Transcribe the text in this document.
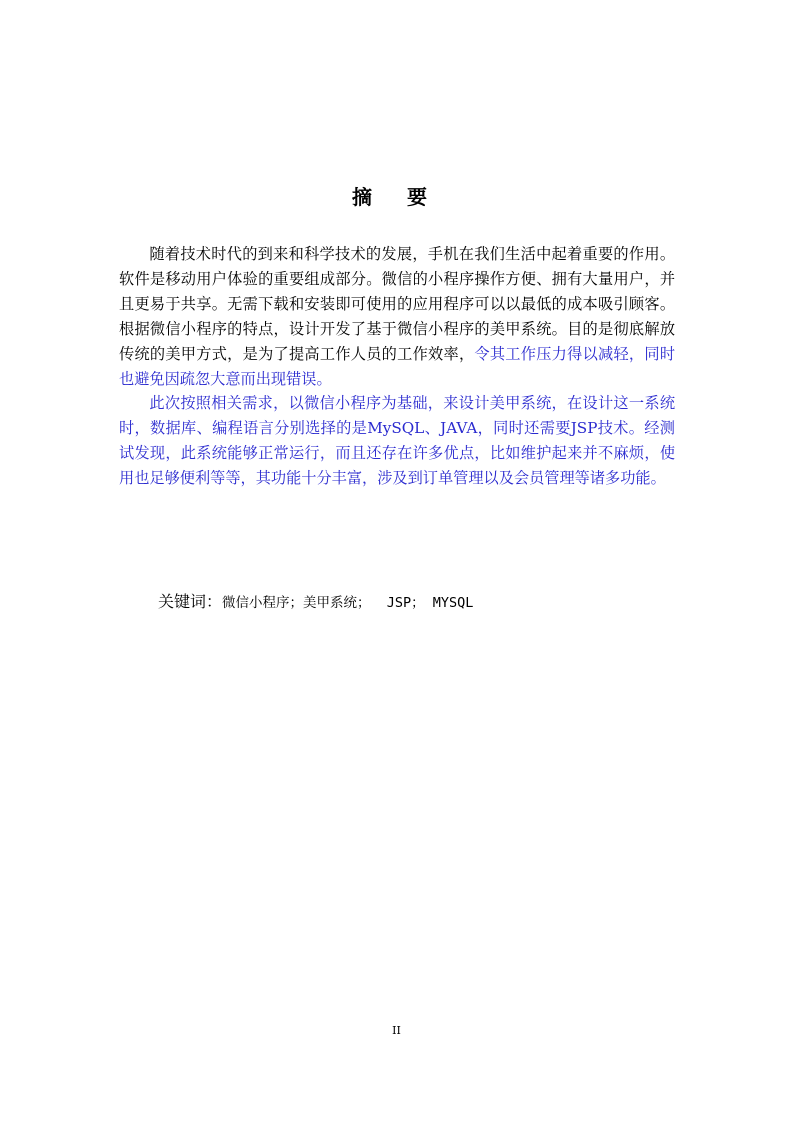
摘 要

随着技术时代的到来和科学技术的发展，手机在我们生活中起着重要的作用。软件是移动用户体验的重要组成部分。微信的小程序操作方便、拥有大量用户，并且更易于共享。无需下载和安装即可使用的应用程序可以以最低的成本吸引顾客。根据微信小程序的特点，设计开发了基于微信小程序的美甲系统。目的是彻底解放传统的美甲方式，是为了提高工作人员的工作效率，令其工作压力得以减轻，同时也避免因疏忽大意而出现错误。

此次按照相关需求，以微信小程序为基础，来设计美甲系统，在设计这一系统时，数据库、编程语言分别选择的是MySQL、JAVA，同时还需要JSP技术。经测试发现，此系统能够正常运行，而且还存在许多优点，比如维护起来并不麻烦，使用也足够便利等等，其功能十分丰富，涉及到订单管理以及会员管理等诸多功能。

关键词：微信小程序；美甲系统；  JSP； MYSQL
II
